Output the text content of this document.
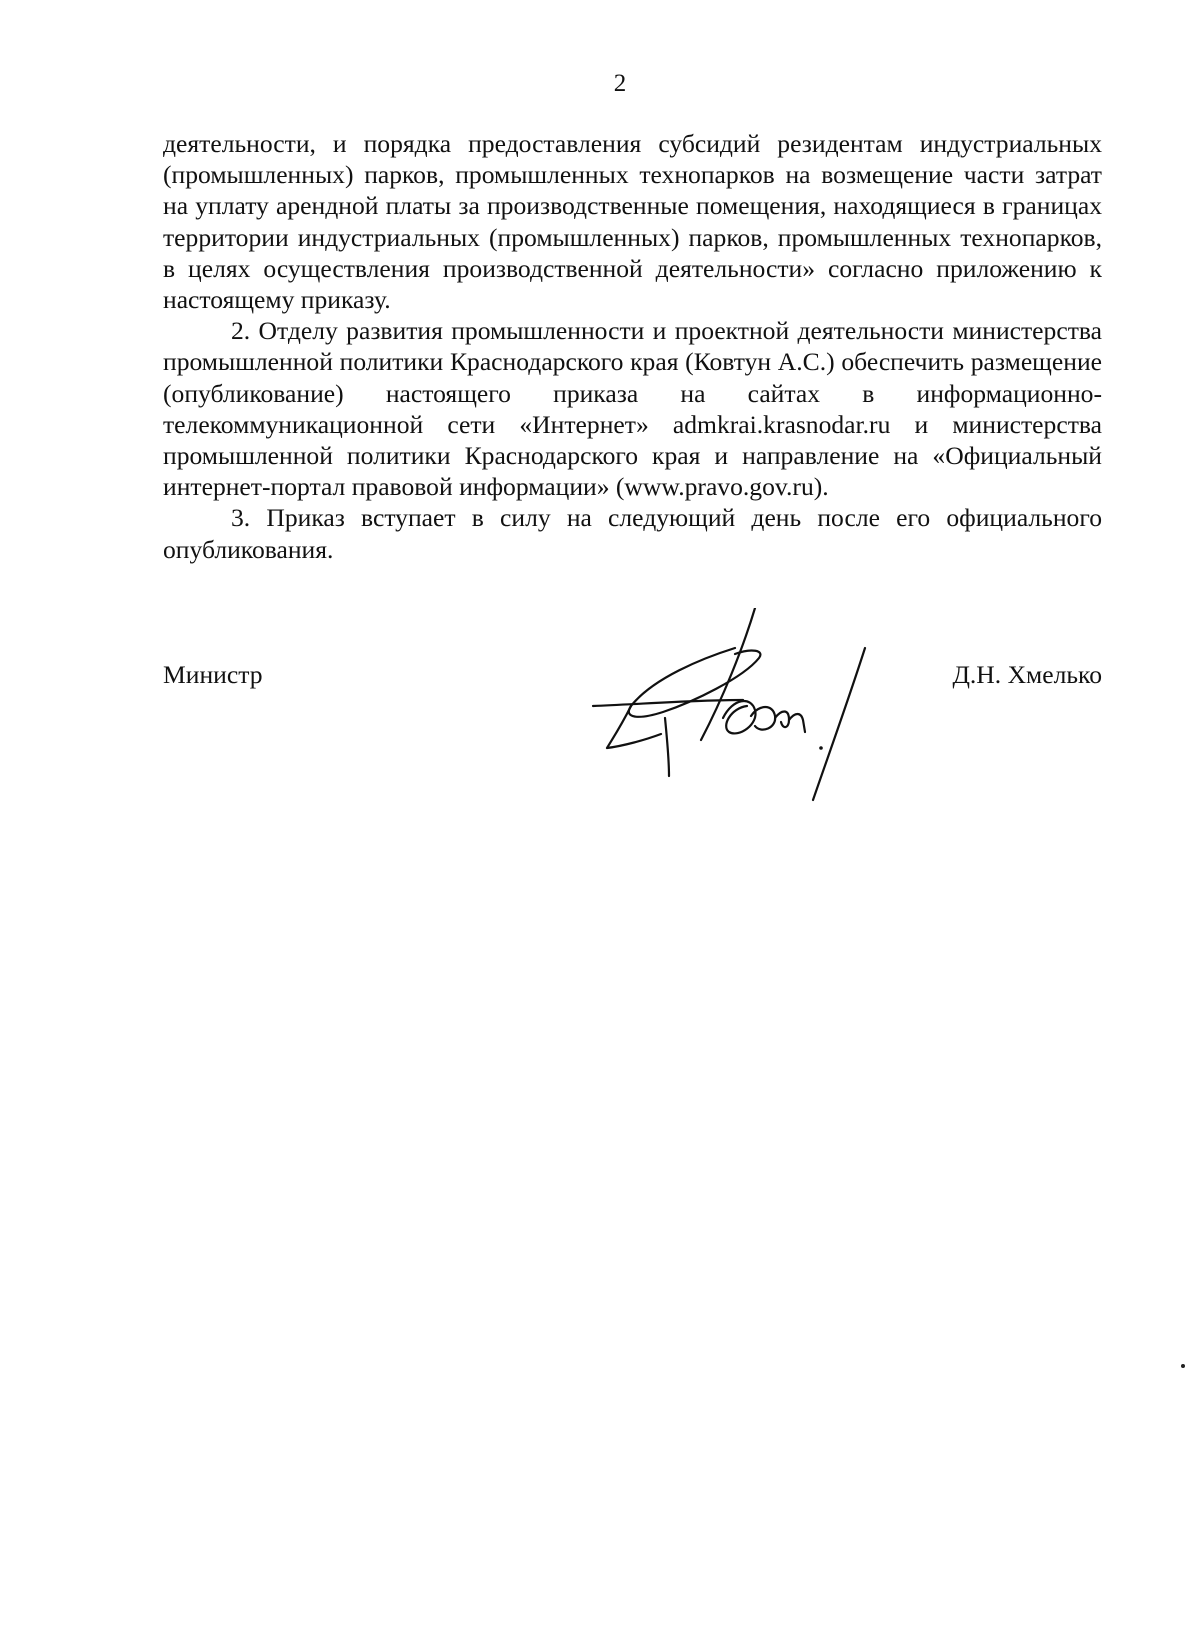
2

деятельности, и порядка предоставления субсидий резидентам индустриальных (промышленных) парков, промышленных технопарков на возмещение части затрат на уплату арендной платы за производственные помещения, находящиеся в границах территории индустриальных (промышленных) парков, промышленных технопарков, в целях осуществления производственной деятельности» согласно приложению к настоящему приказу.

2. Отделу развития промышленности и проектной деятельности министерства промышленной политики Краснодарского края (Ковтун А.С.) обеспечить размещение (опубликование) настоящего приказа на сайтах в информационно-телекоммуникационной сети «Интернет» admkrai.krasnodar.ru и министерства промышленной политики Краснодарского края и направление на «Официальный интернет-портал правовой информации» (www.pravo.gov.ru).

3. Приказ вступает в силу на следующий день после его официального опубликования.

Министр	Д.Н. Хмелько
